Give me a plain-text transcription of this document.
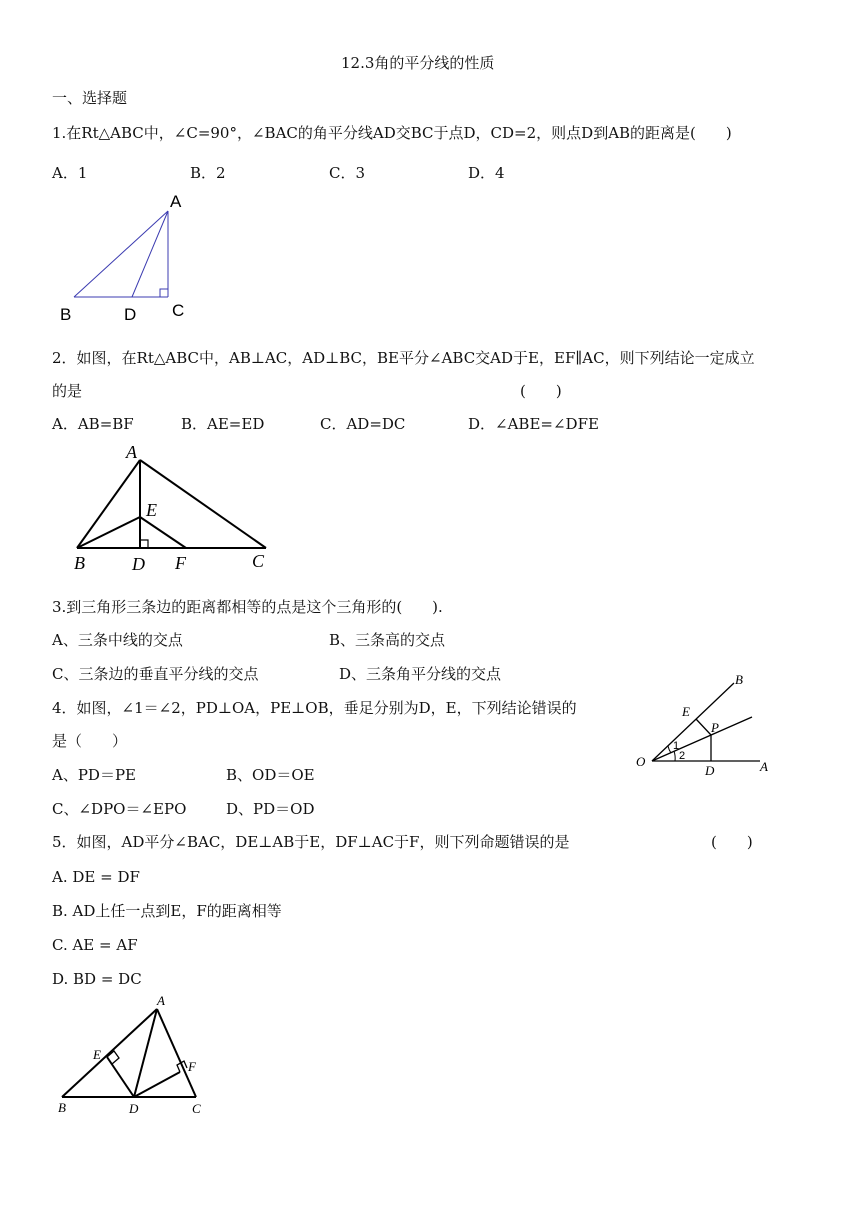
12.3角的平分线的性质
一、选择题
1.在Rt△ABC中，∠C=90°，∠BAC的角平分线AD交BC于点D，CD=2，则点D到AB的距离是(　　)
A．1	B．2	C．3	D．4
A
B	D C
2．如图，在Rt△ABC中，AB⊥AC，AD⊥BC，BE平分∠ABC交AD于E，EF∥AC，则下列结论一定成立
的是	(　　)
A．AB=BF	B．AE=ED	C．AD=DC	D．∠ABE=∠DFE
A
E
B	D F	C
3.到三角形三条边的距离都相等的点是这个三角形的(　　).
A、三条中线的交点	B、三条高的交点
C、三条边的垂直平分线的交点	D、三条角平分线的交点
4．如图，∠1＝∠2，PD⊥OA，PE⊥OB，垂足分别为D，E，下列结论错误的
是（　　）
A、PD＝PE	B、OD＝OE
C、∠DPO＝∠EPO	D、PD＝OD
O	A
B
D
E
P
1
2
5．如图，AD平分∠BAC，DE⊥AB于E，DF⊥AC于F，则下列命题错误的是	(　　)
A. DE = DF
B. AD上任一点到E，F的距离相等
C. AE = AF
D. BD = DC
A
E
F
B	D	C
